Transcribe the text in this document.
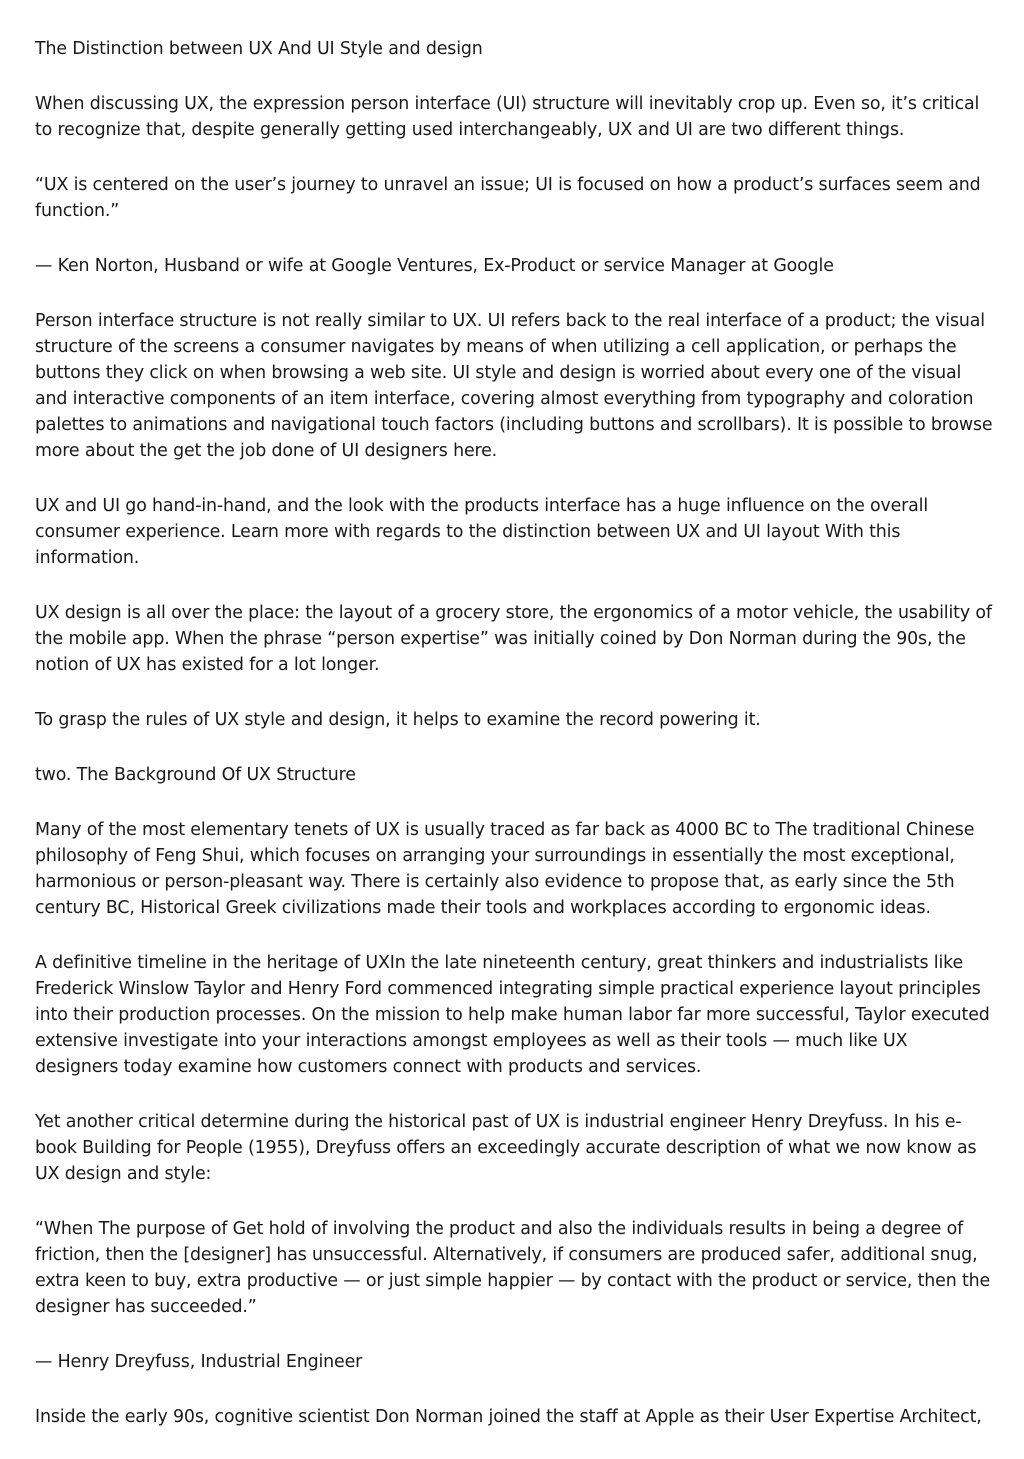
The Distinction between UX And UI Style and design

When discussing UX, the expression person interface (UI) structure will inevitably crop up. Even so, it’s critical to recognize that, despite generally getting used interchangeably, UX and UI are two different things.

“UX is centered on the user’s journey to unravel an issue; UI is focused on how a product’s surfaces seem and function.”

— Ken Norton, Husband or wife at Google Ventures, Ex-Product or service Manager at Google

Person interface structure is not really similar to UX. UI refers back to the real interface of a product; the visual structure of the screens a consumer navigates by means of when utilizing a cell application, or perhaps the buttons they click on when browsing a web site. UI style and design is worried about every one of the visual and interactive components of an item interface, covering almost everything from typography and coloration palettes to animations and navigational touch factors (including buttons and scrollbars). It is possible to browse more about the get the job done of UI designers here.

UX and UI go hand-in-hand, and the look with the products interface has a huge influence on the overall consumer experience. Learn more with regards to the distinction between UX and UI layout With this information.

UX design is all over the place: the layout of a grocery store, the ergonomics of a motor vehicle, the usability of the mobile app. When the phrase “person expertise” was initially coined by Don Norman during the 90s, the notion of UX has existed for a lot longer.

To grasp the rules of UX style and design, it helps to examine the record powering it.

two. The Background Of UX Structure

Many of the most elementary tenets of UX is usually traced as far back as 4000 BC to The traditional Chinese philosophy of Feng Shui, which focuses on arranging your surroundings in essentially the most exceptional, harmonious or person-pleasant way. There is certainly also evidence to propose that, as early since the 5th century BC, Historical Greek civilizations made their tools and workplaces according to ergonomic ideas.

A definitive timeline in the heritage of UXIn the late nineteenth century, great thinkers and industrialists like Frederick Winslow Taylor and Henry Ford commenced integrating simple practical experience layout principles into their production processes. On the mission to help make human labor far more successful, Taylor executed extensive investigate into your interactions amongst employees as well as their tools — much like UX designers today examine how customers connect with products and services.

Yet another critical determine during the historical past of UX is industrial engineer Henry Dreyfuss. In his e-book Building for People (1955), Dreyfuss offers an exceedingly accurate description of what we now know as UX design and style:

“When The purpose of Get hold of involving the product and also the individuals results in being a degree of friction, then the [designer] has unsuccessful. Alternatively, if consumers are produced safer, additional snug, extra keen to buy, extra productive — or just simple happier — by contact with the product or service, then the designer has succeeded.”

— Henry Dreyfuss, Industrial Engineer

Inside the early 90s, cognitive scientist Don Norman joined the staff at Apple as their User Expertise Architect,
